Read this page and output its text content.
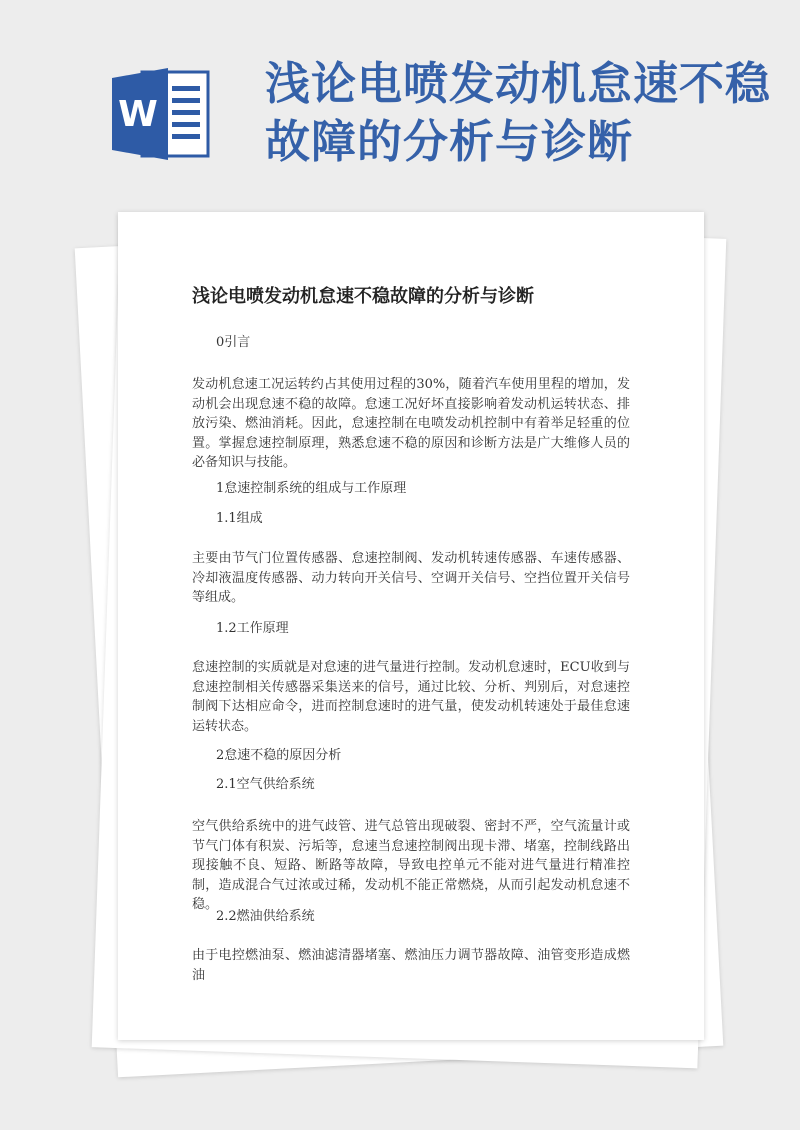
W
浅论电喷发动机怠速不稳故障的分析与诊断
浅论电喷发动机怠速不稳故障的分析与诊断
0引言
发动机怠速工况运转约占其使用过程的30%，随着汽车使用里程的增加，发动机会出现怠速不稳的故障。怠速工况好坏直接影响着发动机运转状态、排放污染、燃油消耗。因此，怠速控制在电喷发动机控制中有着举足轻重的位置。掌握怠速控制原理，熟悉怠速不稳的原因和诊断方法是广大维修人员的必备知识与技能。
1怠速控制系统的组成与工作原理
1.1组成
主要由节气门位置传感器、怠速控制阀、发动机转速传感器、车速传感器、冷却液温度传感器、动力转向开关信号、空调开关信号、空挡位置开关信号等组成。
1.2工作原理
怠速控制的实质就是对怠速的进气量进行控制。发动机怠速时，ECU收到与怠速控制相关传感器采集送来的信号，通过比较、分析、判别后，对怠速控制阀下达相应命令，进而控制怠速时的进气量，使发动机转速处于最佳怠速运转状态。
2怠速不稳的原因分析
2.1空气供给系统
空气供给系统中的进气歧管、进气总管出现破裂、密封不严，空气流量计或节气门体有积炭、污垢等，怠速当怠速控制阀出现卡滞、堵塞，控制线路出现接触不良、短路、断路等故障，导致电控单元不能对进气量进行精准控制，造成混合气过浓或过稀，发动机不能正常燃烧，从而引起发动机怠速不稳。
2.2燃油供给系统
由于电控燃油泵、燃油滤清器堵塞、燃油压力调节器故障、油管变形造成燃油
